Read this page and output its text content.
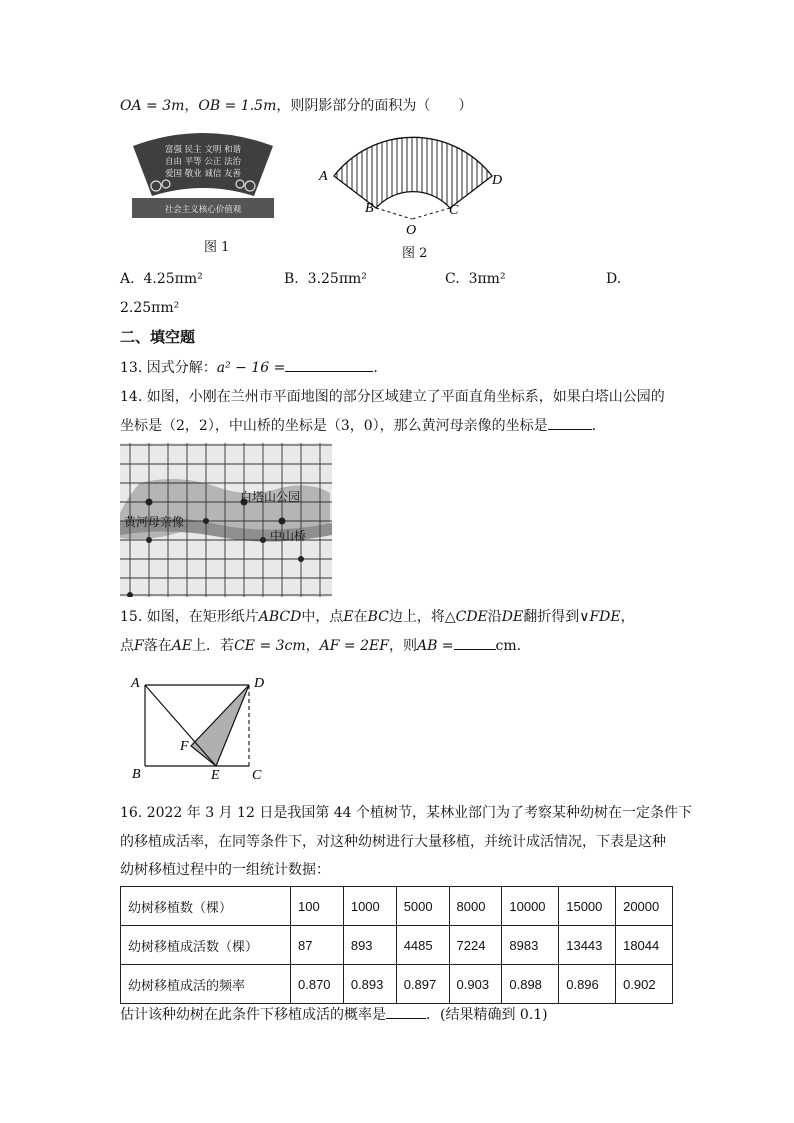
OA = 3m，OB = 1.5m，则阴影部分的面积为（　　）
富强 民主 文明 和谐
自由 平等 公正 法治
爱国 敬业 诚信 友善
社会主义核心价值观
图 1
A
B	C
D
O
图 2
A. 4.25πm²	B. 3.25πm²	C. 3πm²	D.
2.25πm²
二、填空题
13. 因式分解：a² − 16 =	.
14. 如图，小刚在兰州市平面地图的部分区域建立了平面直角坐标系，如果白塔山公园的
坐标是（2，2），中山桥的坐标是（3，0），那么黄河母亲像的坐标是	.
白塔山公园
黄河母亲像
中山桥
15. 如图，在矩形纸片ABCD中，点E在BC边上，将△CDE沿DE翻折得到∨FDE，
点F落在AE上．若CE = 3cm，AF = 2EF，则AB =	cm.
A	D
B	E C
F
16. 2022 年 3 月 12 日是我国第 44 个植树节，某林业部门为了考察某种幼树在一定条件下
的移植成活率，在同等条件下，对这种幼树进行大量移植，并统计成活情况，下表是这种
幼树移植过程中的一组统计数据：
幼树移植数（棵）	100	1000	5000	8000	10000	15000	20000
幼树移植成活数（棵）	87	893	4485	7224	8983	13443	18044
幼树移植成活的频率	0.870	0.893	0.897	0.903	0.898	0.896	0.902
估计该种幼树在此条件下移植成活的概率是	．(结果精确到 0.1)
